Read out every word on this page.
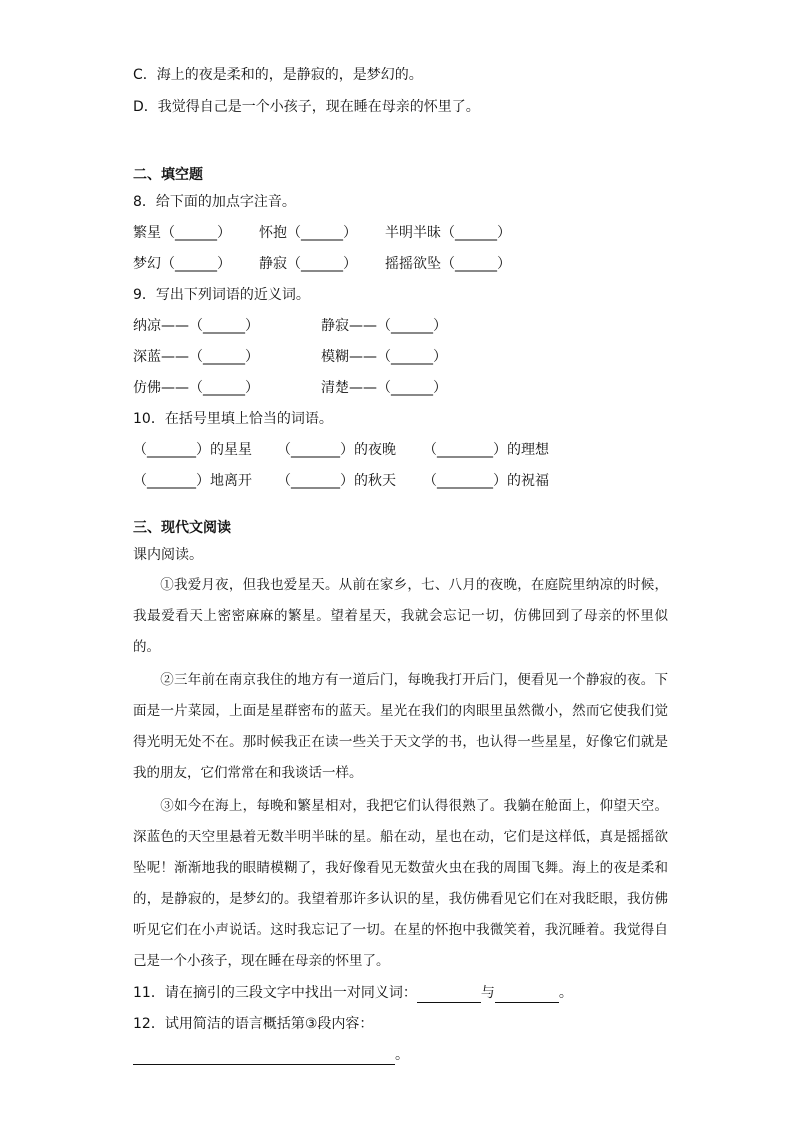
C．海上的夜是柔和的，是静寂的，是梦幻的。
D．我觉得自己是一个小孩子，现在睡在母亲的怀里了。
二、填空题
8．给下面的加点字注音。
繁星（______） 怀抱（______） 半明半昧（______）
梦幻（______） 静寂（______） 摇摇欲坠（______）
9．写出下列词语的近义词。
纳凉——（______）	静寂——（______）
深蓝——（______）	模糊——（______）
仿佛——（______）	清楚——（______）
10．在括号里填上恰当的词语。
（_______）的星星 （_______）的夜晚 （________）的理想
（_______）地离开 （_______）的秋天 （________）的祝福
三、现代文阅读
课内阅读。
①我爱月夜，但我也爱星天。从前在家乡，七、八月的夜晚，在庭院里纳凉的时候，我最爱看天上密密麻麻的繁星。望着星天，我就会忘记一切，仿佛回到了母亲的怀里似的。
②三年前在南京我住的地方有一道后门，每晚我打开后门，便看见一个静寂的夜。下面是一片菜园，上面是星群密布的蓝天。星光在我们的肉眼里虽然微小，然而它使我们觉得光明无处不在。那时候我正在读一些关于天文学的书，也认得一些星星，好像它们就是我的朋友，它们常常在和我谈话一样。
③如今在海上，每晚和繁星相对，我把它们认得很熟了。我躺在舱面上，仰望天空。深蓝色的天空里悬着无数半明半昧的星。船在动，星也在动，它们是这样低，真是摇摇欲坠呢！渐渐地我的眼睛模糊了，我好像看见无数萤火虫在我的周围飞舞。海上的夜是柔和的，是静寂的，是梦幻的。我望着那许多认识的星，我仿佛看见它们在对我眨眼，我仿佛听见它们在小声说话。这时我忘记了一切。在星的怀抱中我微笑着，我沉睡着。我觉得自己是一个小孩子，现在睡在母亲的怀里了。
11．请在摘引的三段文字中找出一对同义词：	与	。
12．试用简洁的语言概括第③段内容：
。
